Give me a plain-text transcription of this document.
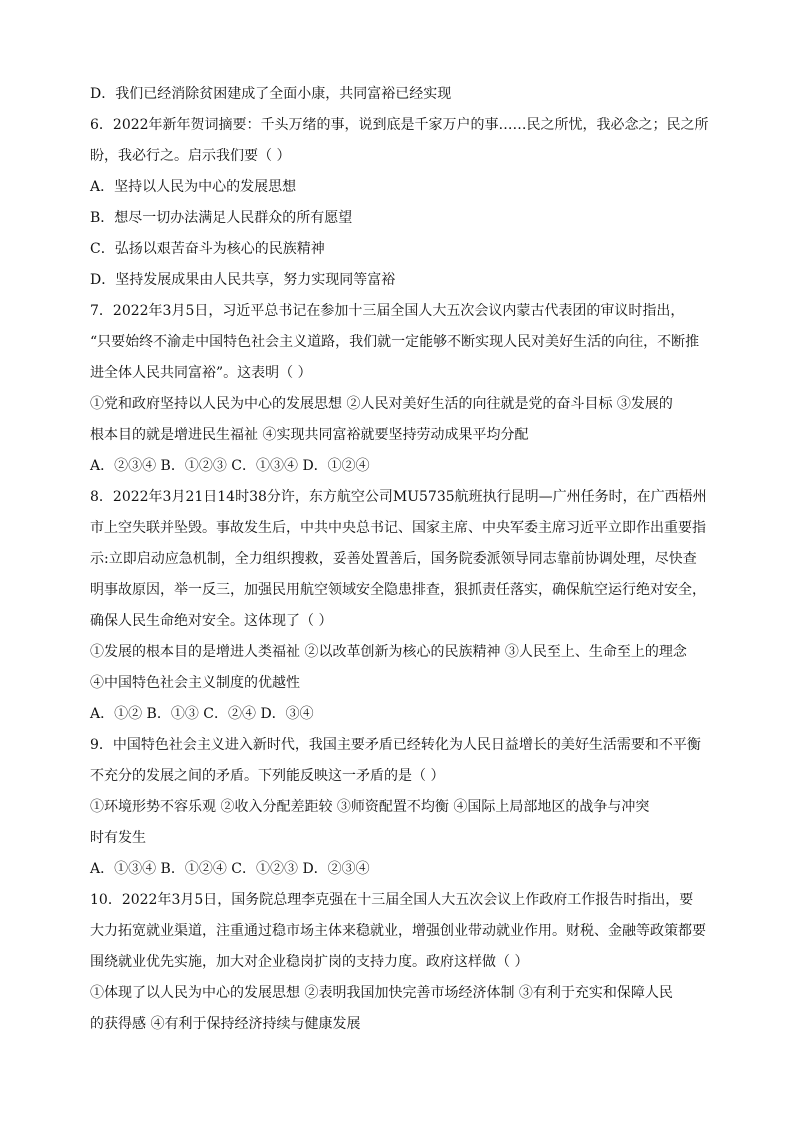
D．我们已经消除贫困建成了全面小康，共同富裕已经实现
6．2022年新年贺词摘要：千头万绪的事，说到底是千家万户的事……民之所忧，我必念之；民之所
盼，我必行之。启示我们要（ ）
A．坚持以人民为中心的发展思想
B．想尽一切办法满足人民群众的所有愿望
C．弘扬以艰苦奋斗为核心的民族精神
D．坚持发展成果由人民共享，努力实现同等富裕
7．2022年3月5日，习近平总书记在参加十三届全国人大五次会议内蒙古代表团的审议时指出，
“只要始终不渝走中国特色社会主义道路，我们就一定能够不断实现人民对美好生活的向往，不断推
进全体人民共同富裕”。这表明（ ）
①党和政府坚持以人民为中心的发展思想 ②人民对美好生活的向往就是党的奋斗目标 ③发展的
根本目的就是增进民生福祉 ④实现共同富裕就要坚持劳动成果平均分配
A．②③④ B．①②③ C．①③④ D．①②④
8．2022年3月21日14时38分许，东方航空公司MU5735航班执行昆明—广州任务时，在广西梧州
市上空失联并坠毁。事故发生后，中共中央总书记、国家主席、中央军委主席习近平立即作出重要指
示:立即启动应急机制，全力组织搜救，妥善处置善后，国务院委派领导同志靠前协调处理，尽快查
明事故原因，举一反三，加强民用航空领域安全隐患排查，狠抓责任落实，确保航空运行绝对安全，
确保人民生命绝对安全。这体现了（ ）
①发展的根本目的是增进人类福祉 ②以改革创新为核心的民族精神 ③人民至上、生命至上的理念
④中国特色社会主义制度的优越性
A．①② B．①③ C．②④ D．③④
9．中国特色社会主义进入新时代，我国主要矛盾已经转化为人民日益增长的美好生活需要和不平衡
不充分的发展之间的矛盾。下列能反映这一矛盾的是（ ）
①环境形势不容乐观 ②收入分配差距较 ③师资配置不均衡 ④国际上局部地区的战争与冲突
时有发生
A．①③④ B．①②④ C．①②③ D．②③④
10．2022年3月5日，国务院总理李克强在十三届全国人大五次会议上作政府工作报告时指出，要
大力拓宽就业渠道，注重通过稳市场主体来稳就业，增强创业带动就业作用。财税、金融等政策都要
围绕就业优先实施，加大对企业稳岗扩岗的支持力度。政府这样做（ ）
①体现了以人民为中心的发展思想 ②表明我国加快完善市场经济体制 ③有利于充实和保障人民
的获得感 ④有利于保持经济持续与健康发展
